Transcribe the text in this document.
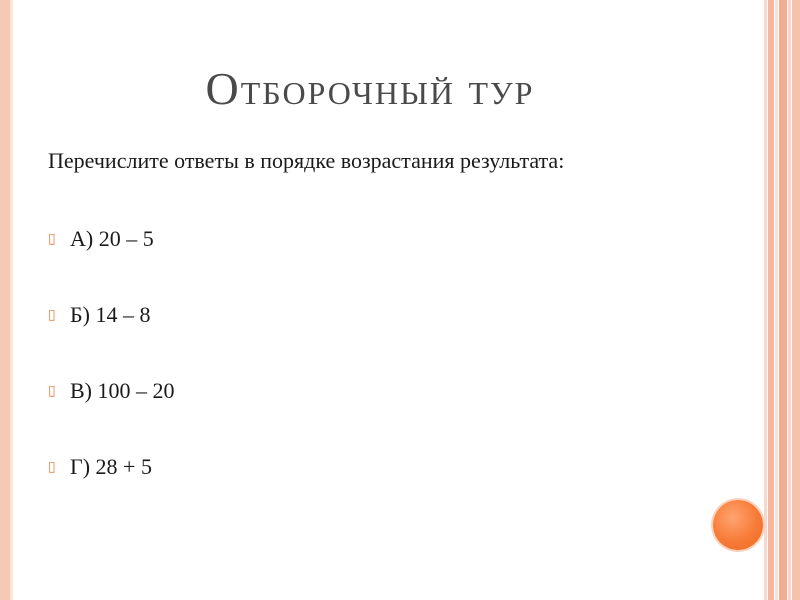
Отборочный тур
Перечислите ответы в порядке возрастания результата:
▯ А) 20 – 5
▯ Б) 14 – 8
▯ В) 100 – 20
▯ Г) 28 + 5
